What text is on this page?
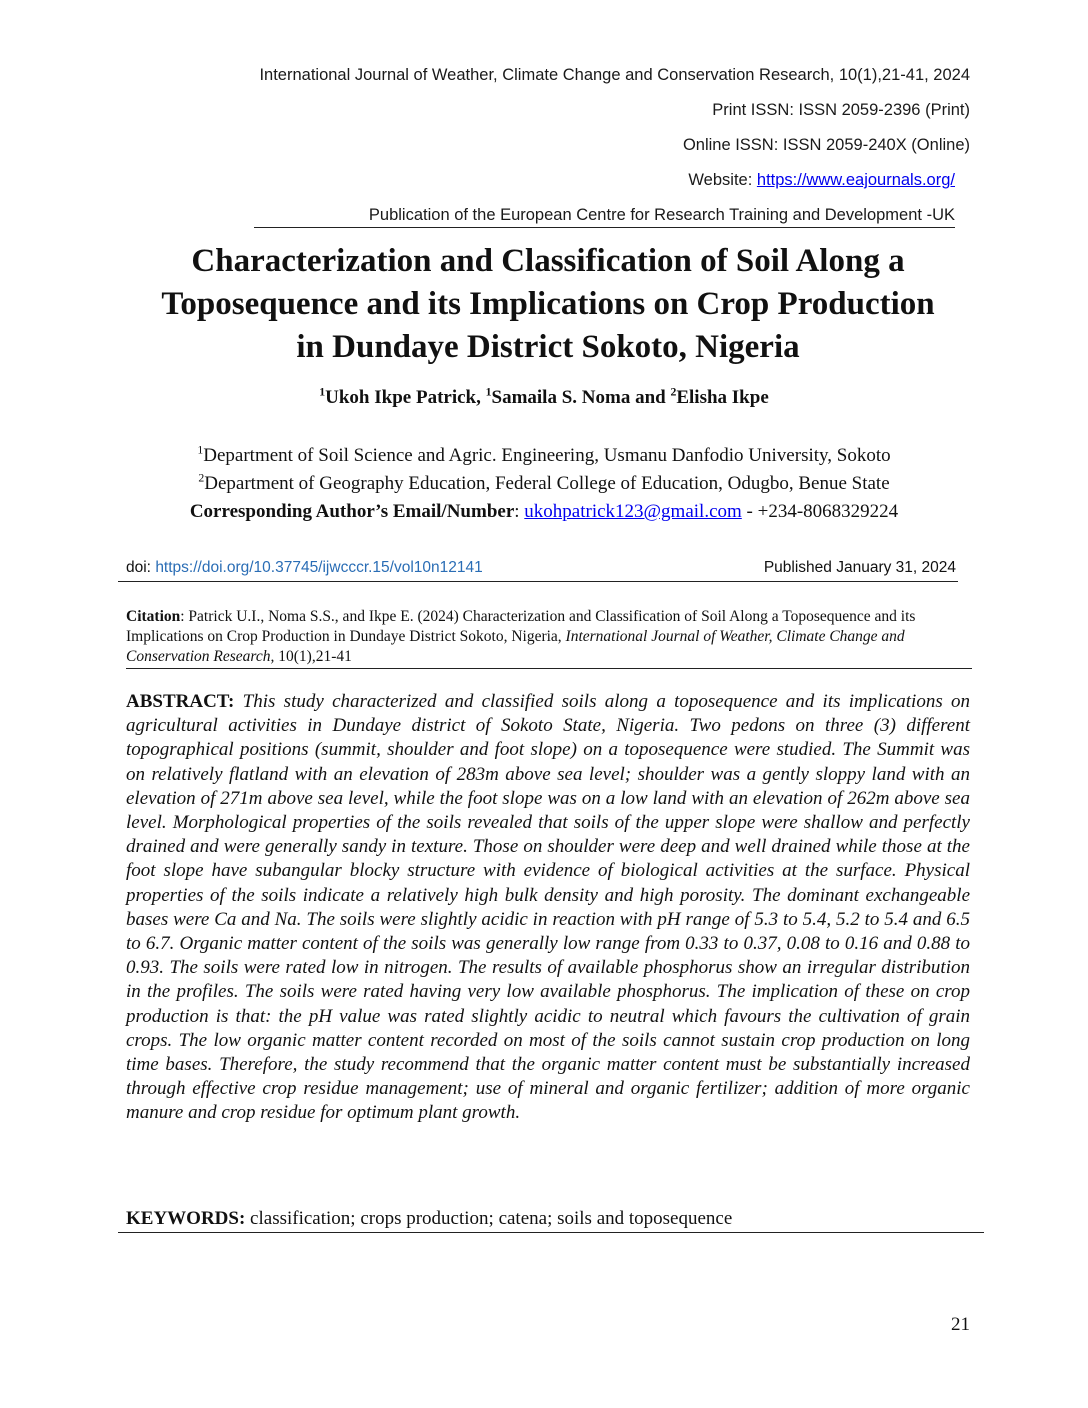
International Journal of Weather, Climate Change and Conservation Research, 10(1),21-41, 2024
Print ISSN: ISSN 2059-2396 (Print)
Online ISSN: ISSN 2059-240X (Online)
Website: https://www.eajournals.org/
Publication of the European Centre for Research Training and Development -UK
Characterization and Classification of Soil Along a
Toposequence and its Implications on Crop Production
in Dundaye District Sokoto, Nigeria
$^1$Ukoh Ikpe Patrick, $^1$Samaila S. Noma and $^2$Elisha Ikpe
$^1$Department of Soil Science and Agric. Engineering, Usmanu Danfodio University, Sokoto
$^2$Department of Geography Education, Federal College of Education, Odugbo, Benue State
Corresponding Author’s Email/Number: ukohpatrick123@gmail.com - +234-8068329224
doi: https://doi.org/10.37745/ijwcccr.15/vol10n12141	Published January 31, 2024

Citation: Patrick U.I., Noma S.S., and Ikpe E. (2024) Characterization and Classification of Soil Along a Toposequence and its Implications on Crop Production in Dundaye District Sokoto, Nigeria, International Journal of Weather, Climate Change and Conservation Research, 10(1),21-41

ABSTRACT: This study characterized and classified soils along a toposequence and its implications on agricultural activities in Dundaye district of Sokoto State, Nigeria. Two pedons on three (3) different topographical positions (summit, shoulder and foot slope) on a toposequence were studied. The Summit was on relatively flatland with an elevation of 283m above sea level; shoulder was a gently sloppy land with an elevation of 271m above sea level, while the foot slope was on a low land with an elevation of 262m above sea level. Morphological properties of the soils revealed that soils of the upper slope were shallow and perfectly drained and were generally sandy in texture. Those on shoulder were deep and well drained while those at the foot slope have subangular blocky structure with evidence of biological activities at the surface. Physical properties of the soils indicate a relatively high bulk density and high porosity. The dominant exchangeable bases were Ca and Na. The soils were slightly acidic in reaction with pH range of 5.3 to 5.4, 5.2 to 5.4 and 6.5 to 6.7. Organic matter content of the soils was generally low range from 0.33 to 0.37, 0.08 to 0.16 and 0.88 to 0.93. The soils were rated low in nitrogen. The results of available phosphorus show an irregular distribution in the profiles. The soils were rated having very low available phosphorus. The implication of these on crop production is that: the pH value was rated slightly acidic to neutral which favours the cultivation of grain crops. The low organic matter content recorded on most of the soils cannot sustain crop production on long time bases. Therefore, the study recommend that the organic matter content must be substantially increased through effective crop residue management; use of mineral and organic fertilizer; addition of more organic manure and crop residue for optimum plant growth.

KEYWORDS: classification; crops production; catena; soils and toposequence
21
